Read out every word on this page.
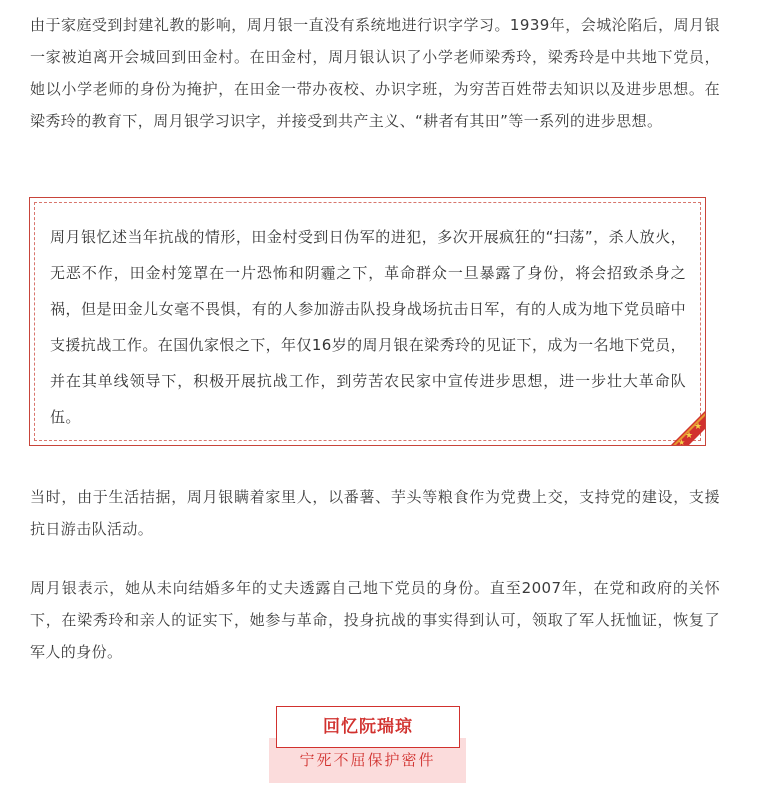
由于家庭受到封建礼教的影响，周月银一直没有系统地进行识字学习。1939年，会城沦陷后，周月银一家被迫离开会城回到田金村。在田金村，周月银认识了小学老师梁秀玲，梁秀玲是中共地下党员，她以小学老师的身份为掩护，在田金一带办夜校、办识字班，为穷苦百姓带去知识以及进步思想。在梁秀玲的教育下，周月银学习识字，并接受到共产主义、“耕者有其田”等一系列的进步思想。

周月银忆述当年抗战的情形，田金村受到日伪军的进犯，多次开展疯狂的“扫荡”，杀人放火，无恶不作，田金村笼罩在一片恐怖和阴霾之下，革命群众一旦暴露了身份，将会招致杀身之祸，但是田金儿女毫不畏惧，有的人参加游击队投身战场抗击日军，有的人成为地下党员暗中支援抗战工作。在国仇家恨之下，年仅16岁的周月银在梁秀玲的见证下，成为一名地下党员，并在其单线领导下，积极开展抗战工作，到劳苦农民家中宣传进步思想，进一步壮大革命队伍。

★
★
★

当时，由于生活拮据，周月银瞒着家里人，以番薯、芋头等粮食作为党费上交，支持党的建设，支援抗日游击队活动。

周月银表示，她从未向结婚多年的丈夫透露自己地下党员的身份。直至2007年，在党和政府的关怀下，在梁秀玲和亲人的证实下，她参与革命，投身抗战的事实得到认可，领取了军人抚恤证，恢复了军人的身份。

宁死不屈保护密件
回忆阮瑞琼
